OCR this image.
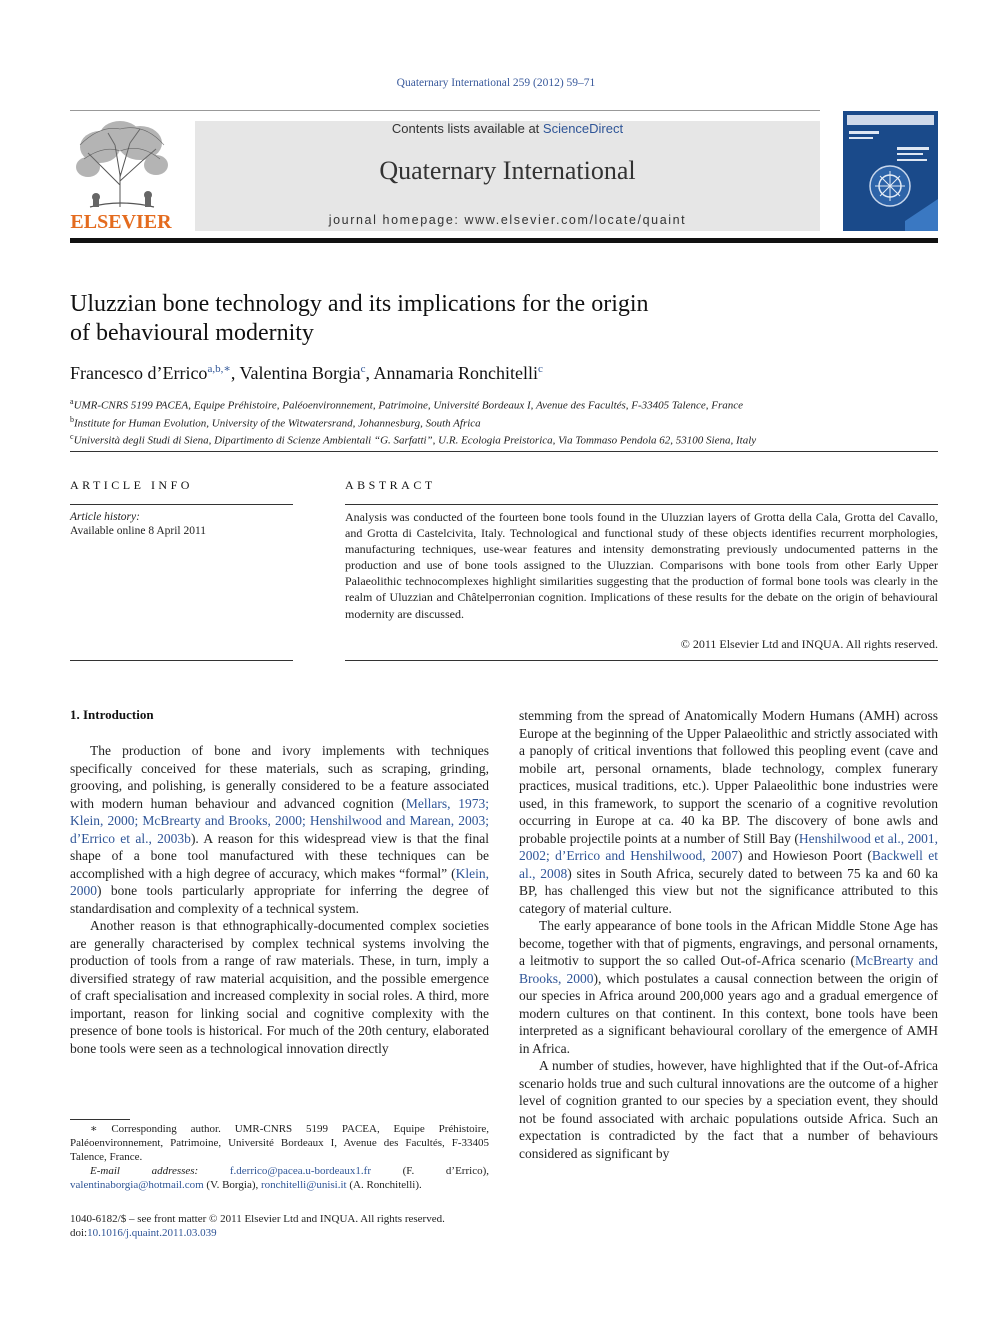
Quaternary International 259 (2012) 59–71
ELSEVIER
Contents lists available at ScienceDirect
Quaternary International
journal homepage: www.elsevier.com/locate/quaint
Uluzzian bone technology and its implications for the origin
of behavioural modernity
Francesco d’Errico$^{a,b,∗}$, Valentina Borgia$^c$, Annamaria Ronchitelli$^c$
$^a$UMR-CNRS 5199 PACEA, Equipe Préhistoire, Paléoenvironnement, Patrimoine, Université Bordeaux I, Avenue des Facultés, F-33405 Talence, France
$^b$Institute for Human Evolution, University of the Witwatersrand, Johannesburg, South Africa
$^c$Università degli Studi di Siena, Dipartimento di Scienze Ambientali “G. Sarfatti”, U.R. Ecologia Preistorica, Via Tommaso Pendola 62, 53100 Siena, Italy
ARTICLE INFO
Article history:
Available online 8 April 2011
ABSTRACT
Analysis was conducted of the fourteen bone tools found in the Uluzzian layers of Grotta della Cala, Grotta del Cavallo, and Grotta di Castelcivita, Italy. Technological and functional study of these objects identifies recurrent morphologies, manufacturing techniques, use-wear features and intensity demonstrating previously undocumented patterns in the production and use of bone tools assigned to the Uluzzian. Comparisons with bone tools from other Early Upper Palaeolithic technocomplexes highlight similarities suggesting that the production of formal bone tools was clearly in the realm of Uluzzian and Châtelperronian cognition. Implications of these results for the debate on the origin of behavioural modernity are discussed.
© 2011 Elsevier Ltd and INQUA. All rights reserved.
1. Introduction

The production of bone and ivory implements with techniques specifically conceived for these materials, such as scraping, grinding, grooving, and polishing, is generally considered to be a feature associated with modern human behaviour and advanced cognition (Mellars, 1973; Klein, 2000; McBrearty and Brooks, 2000; Henshilwood and Marean, 2003; d’Errico et al., 2003b). A reason for this widespread view is that the final shape of a bone tool manufactured with these techniques can be accomplished with a high degree of accuracy, which makes “formal” (Klein, 2000) bone tools particularly appropriate for inferring the degree of standardisation and complexity of a technical system.

Another reason is that ethnographically-documented complex societies are generally characterised by complex technical systems involving the production of tools from a range of raw materials. These, in turn, imply a diversified strategy of raw material acquisition, and the possible emergence of craft specialisation and increased complexity in social roles. A third, more important, reason for linking social and cognitive complexity with the presence of bone tools is historical. For much of the 20th century, elaborated bone tools were seen as a technological innovation directly

stemming from the spread of Anatomically Modern Humans (AMH) across Europe at the beginning of the Upper Palaeolithic and strictly associated with a panoply of critical inventions that followed this peopling event (cave and mobile art, personal ornaments, blade technology, complex funerary practices, musical traditions, etc.). Upper Palaeolithic bone industries were used, in this framework, to support the scenario of a cognitive revolution occurring in Europe at ca. 40 ka BP. The discovery of bone awls and probable projectile points at a number of Still Bay (Henshilwood et al., 2001, 2002; d’Errico and Henshilwood, 2007) and Howieson Poort (Backwell et al., 2008) sites in South Africa, securely dated to between 75 ka and 60 ka BP, has challenged this view but not the significance attributed to this category of material culture.

The early appearance of bone tools in the African Middle Stone Age has become, together with that of pigments, engravings, and personal ornaments, a leitmotiv to support the so called Out-of-Africa scenario (McBrearty and Brooks, 2000), which postulates a causal connection between the origin of our species in Africa around 200,000 years ago and a gradual emergence of modern cultures on that continent. In this context, bone tools have been interpreted as a significant behavioural corollary of the emergence of AMH in Africa.

A number of studies, however, have highlighted that if the Out-of-Africa scenario holds true and such cultural innovations are the outcome of a higher level of cognition granted to our species by a speciation event, they should not be found associated with archaic populations outside Africa. Such an expectation is contradicted by the fact that a number of behaviours considered as significant by

∗ Corresponding author. UMR-CNRS 5199 PACEA, Equipe Préhistoire, Paléoenvironnement, Patrimoine, Université Bordeaux I, Avenue des Facultés, F-33405 Talence, France.

E-mail addresses: f.derrico@pacea.u-bordeaux1.fr (F. d’Errico), valentinaborgia@hotmail.com (V. Borgia), ronchitelli@unisi.it (A. Ronchitelli).

1040-6182/$ – see front matter © 2011 Elsevier Ltd and INQUA. All rights reserved.
doi:10.1016/j.quaint.2011.03.039
